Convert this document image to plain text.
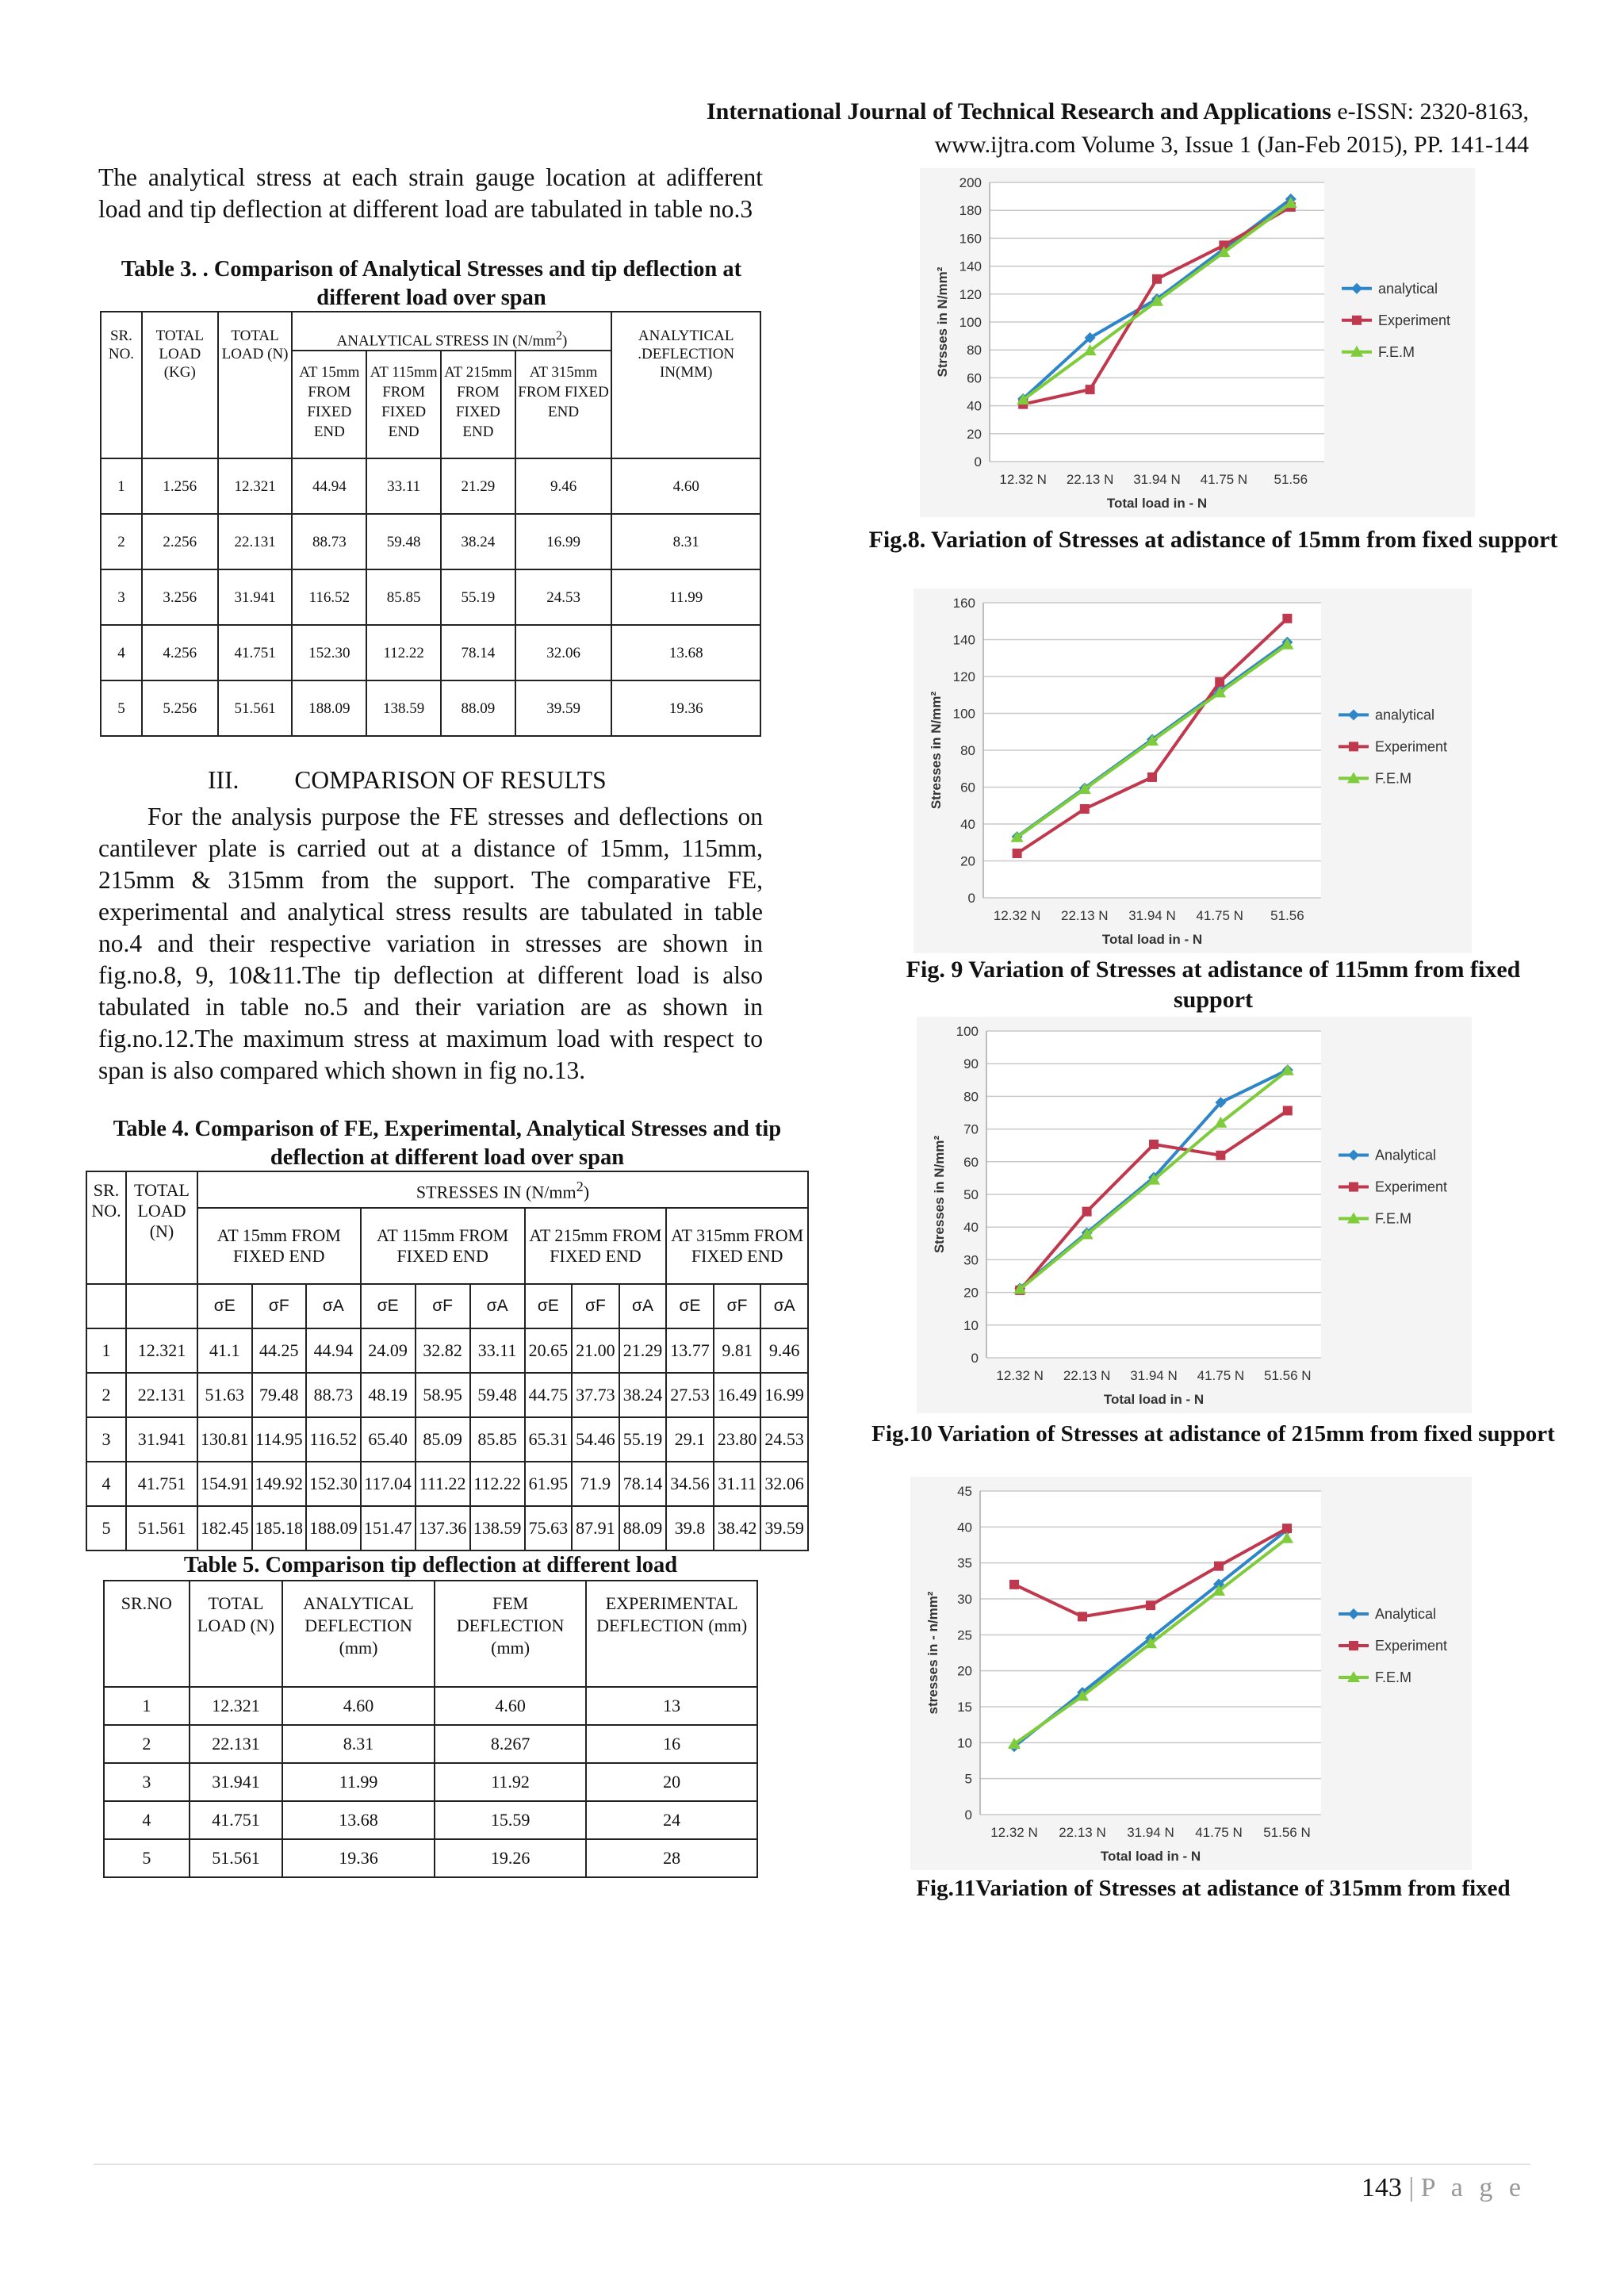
International Journal of Technical Research and Applications e-ISSN: 2320-8163,
www.ijtra.com Volume 3, Issue 1 (Jan-Feb 2015), PP. 141-144
The analytical stress at each strain gauge location at adifferent load and tip deflection at different load are tabulated in table no.3
Table 3. . Comparison of Analytical Stresses and tip deflection at different load over span
SR. NO.	TOTAL LOAD (KG)	TOTAL LOAD (N)	ANALYTICAL STRESS IN $(N/mm^2)$				ANALYTICAL .DEFLECTION IN(MM)
			AT 15mm FROM FIXED END	AT 115mm FROM FIXED END	AT 215mm FROM FIXED END	AT 315mm FROM FIXED END	
1	1.256	12.321	44.94	33.11	21.29	9.46	4.60
2	2.256	22.131	88.73	59.48	38.24	16.99	8.31
3	3.256	31.941	116.52	85.85	55.19	24.53	11.99
4	4.256	41.751	152.30	112.22	78.14	32.06	13.68
5	5.256	51.561	188.09	138.59	88.09	39.59	19.36
III. COMPARISON OF RESULTS
For the analysis purpose the FE stresses and deflections on cantilever plate is carried out at a distance of 15mm, 115mm, 215mm & 315mm from the support. The comparative FE, experimental and analytical stress results are tabulated in table no.4 and their respective variation in stresses are shown in fig.no.8, 9, 10&11.The tip deflection at different load is also tabulated in table no.5 and their variation are as shown in fig.no.12.The maximum stress at maximum load with respect to span is also compared which shown in fig no.13.
Table 4. Comparison of FE, Experimental, Analytical Stresses and tip deflection at different load over span
SR. NO.	TOTAL LOAD (N)	STRESSES IN $(N/mm^2)$											
		AT 15mm FROM FIXED END			AT 115mm FROM FIXED END			AT 215mm FROM FIXED END			AT 315mm FROM FIXED END		
		σE	σF	σA	σE	σF	σA	σE	σF	σA	σE	σF	σA
1	12.321	41.1	44.25	44.94	24.09	32.82	33.11	20.65	21.00	21.29	13.77	9.81	9.46
2	22.131	51.63	79.48	88.73	48.19	58.95	59.48	44.75	37.73	38.24	27.53	16.49	16.99
3	31.941	130.81	114.95	116.52	65.40	85.09	85.85	65.31	54.46	55.19	29.1	23.80	24.53
4	41.751	154.91	149.92	152.30	117.04	111.22	112.22	61.95	71.9	78.14	34.56	31.11	32.06
5	51.561	182.45	185.18	188.09	151.47	137.36	138.59	75.63	87.91	88.09	39.8	38.42	39.59
Table 5. Comparison tip deflection at different load
SR.NO	TOTAL LOAD (N)	ANALYTICAL DEFLECTION (mm)	FEM DEFLECTION (mm)	EXPERIMENTAL DEFLECTION (mm)
1	12.321	4.60	4.60	13
2	22.131	8.31	8.267	16
3	31.941	11.99	11.92	20
4	41.751	13.68	15.59	24
5	51.561	19.36	19.26	28
0
20
40
60
80
100
120
140
160
180
200
12.32 N 22.13 N 31.94 N 41.75 N 51.56
Total load in - N
Strsses in N/mm²	analytical
Experiment
F.E.M
Fig.8. Variation of Stresses at adistance of 15mm from fixed support
0
20
40
60
80
100
120
140
160
12.32 N 22.13 N 31.94 N 41.75 N 51.56
Total load in - N
Stresses in N/mm²	analytical
Experiment
F.E.M
Fig. 9 Variation of Stresses at adistance of 115mm from fixed support
0
10
20
30
40
50
60
70
80
90
100
12.32 N 22.13 N 31.94 N 41.75 N 51.56 N
Total load in - N
Stresses in N/mm²	Analytical
Experiment
F.E.M
Fig.10 Variation of Stresses at adistance of 215mm from fixed support
0
5
10
15
20
25
30
35
40
45
12.32 N 22.13 N 31.94 N 41.75 N 51.56 N
Total load in - N
stresses in - n/mm²	Analytical
Experiment
F.E.M
Fig.11Variation of Stresses at adistance of 315mm from fixed
143 | P a g e
